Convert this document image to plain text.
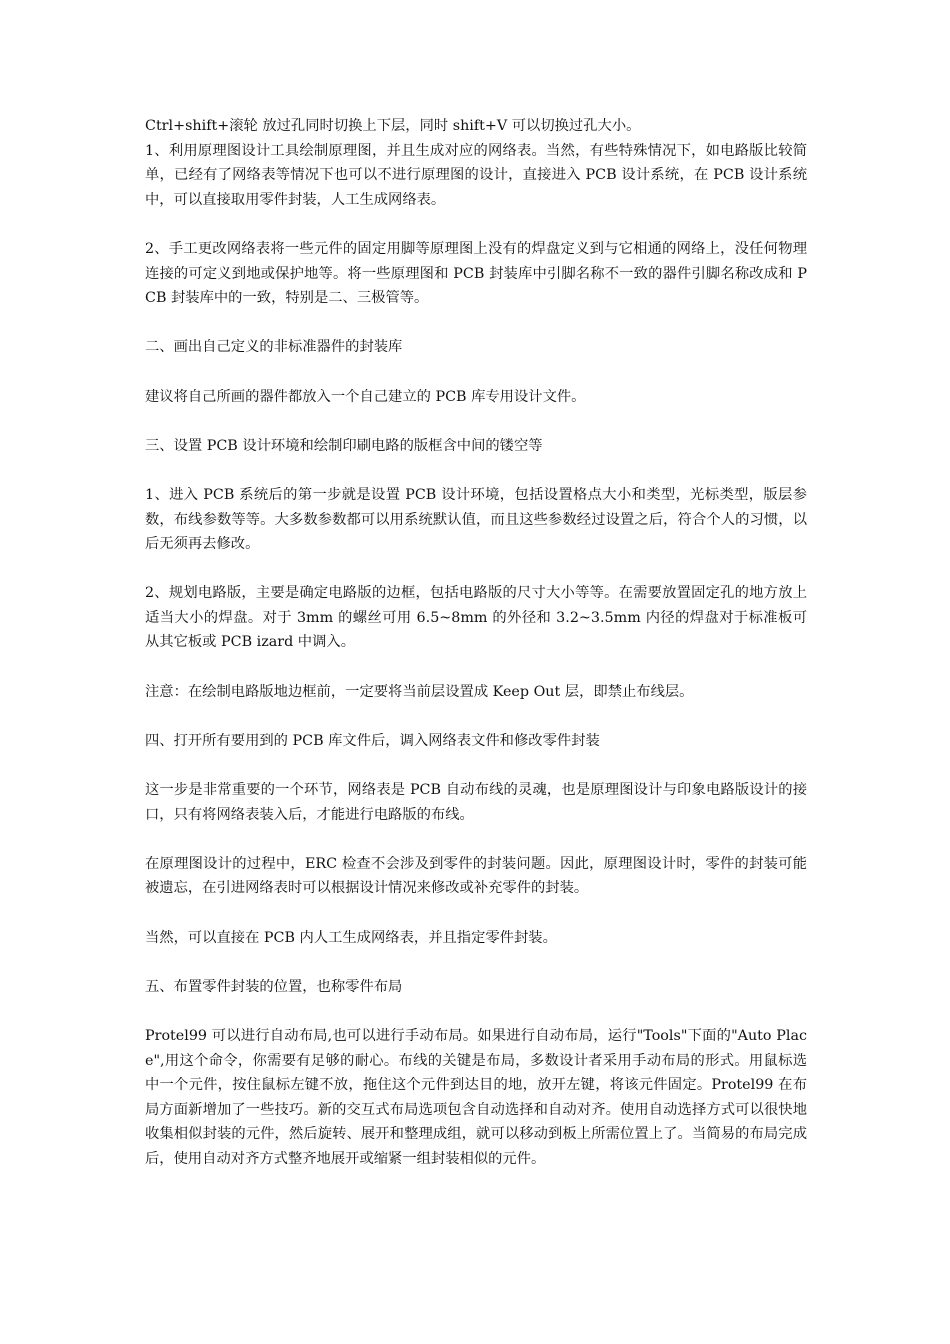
Ctrl+shift+滚轮 放过孔同时切换上下层，同时 shift+V 可以切换过孔大小。

1、利用原理图设计工具绘制原理图，并且生成对应的网络表。当然，有些特殊情况下，如电路版比较简单，已经有了网络表等情况下也可以不进行原理图的设计，直接进入 PCB 设计系统，在 PCB 设计系统中，可以直接取用零件封装，人工生成网络表。

2、手工更改网络表将一些元件的固定用脚等原理图上没有的焊盘定义到与它相通的网络上，没任何物理连接的可定义到地或保护地等。将一些原理图和 PCB 封装库中引脚名称不一致的器件引脚名称改成和 PCB 封装库中的一致，特别是二、三极管等。

二、画出自己定义的非标准器件的封装库

建议将自己所画的器件都放入一个自己建立的 PCB 库专用设计文件。

三、设置 PCB 设计环境和绘制印刷电路的版框含中间的镂空等

1、进入 PCB 系统后的第一步就是设置 PCB 设计环境，包括设置格点大小和类型，光标类型，版层参数，布线参数等等。大多数参数都可以用系统默认值，而且这些参数经过设置之后，符合个人的习惯，以后无须再去修改。

2、规划电路版，主要是确定电路版的边框，包括电路版的尺寸大小等等。在需要放置固定孔的地方放上适当大小的焊盘。对于 3mm 的螺丝可用 6.5~8mm 的外径和 3.2~3.5mm 内径的焊盘对于标准板可从其它板或 PCB izard 中调入。

注意：在绘制电路版地边框前，一定要将当前层设置成 Keep Out 层，即禁止布线层。

四、打开所有要用到的 PCB 库文件后，调入网络表文件和修改零件封装

这一步是非常重要的一个环节，网络表是 PCB 自动布线的灵魂，也是原理图设计与印象电路版设计的接口，只有将网络表装入后，才能进行电路版的布线。

在原理图设计的过程中，ERC 检查不会涉及到零件的封装问题。因此，原理图设计时，零件的封装可能被遗忘，在引进网络表时可以根据设计情况来修改或补充零件的封装。

当然，可以直接在 PCB 内人工生成网络表，并且指定零件封装。

五、布置零件封装的位置，也称零件布局

Protel99 可以进行自动布局,也可以进行手动布局。如果进行自动布局，运行"Tools"下面的"Auto Place",用这个命令，你需要有足够的耐心。布线的关键是布局，多数设计者采用手动布局的形式。用鼠标选中一个元件，按住鼠标左键不放，拖住这个元件到达目的地，放开左键，将该元件固定。Protel99 在布局方面新增加了一些技巧。新的交互式布局选项包含自动选择和自动对齐。使用自动选择方式可以很快地收集相似封装的元件，然后旋转、展开和整理成组，就可以移动到板上所需位置上了。当简易的布局完成后，使用自动对齐方式整齐地展开或缩紧一组封装相似的元件。
